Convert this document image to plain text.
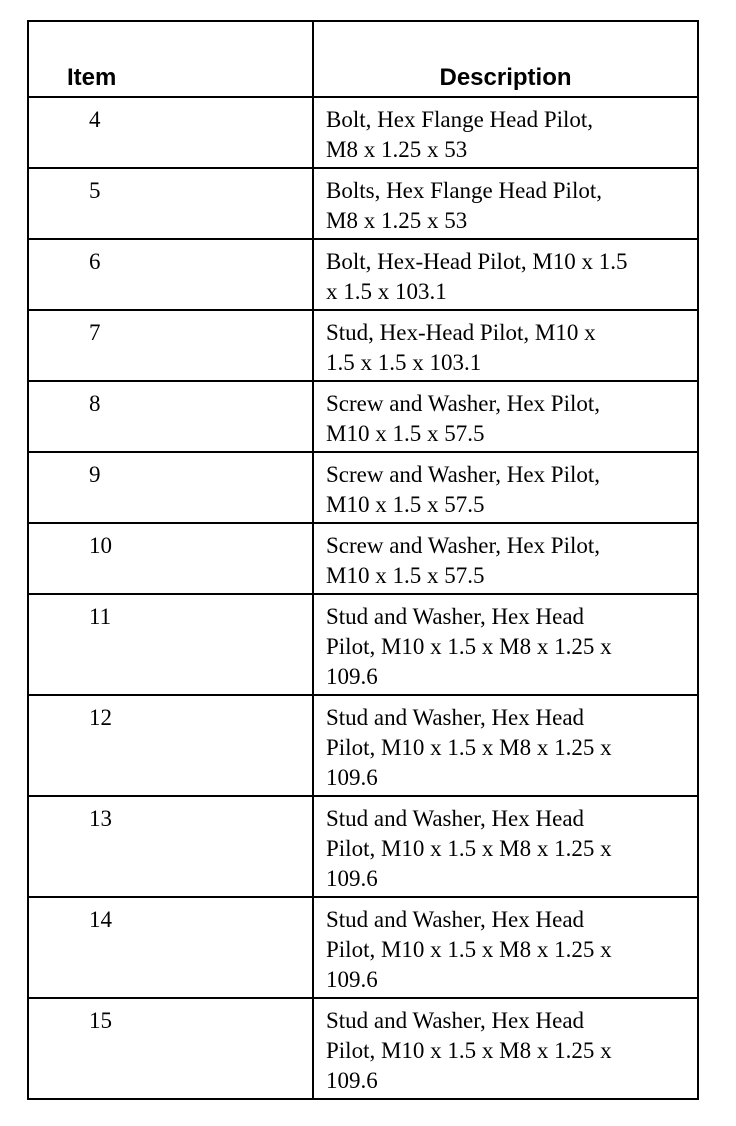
Item	Description
4	Bolt, Hex Flange Head Pilot,
M8 x 1.25 x 53

5	Bolts, Hex Flange Head Pilot,
M8 x 1.25 x 53

6	Bolt, Hex-Head Pilot, M10 x 1.5
x 1.5 x 103.1

7	Stud, Hex-Head Pilot, M10 x
1.5 x 1.5 x 103.1

8	Screw and Washer, Hex Pilot,
M10 x 1.5 x 57.5

9	Screw and Washer, Hex Pilot,
M10 x 1.5 x 57.5

10	Screw and Washer, Hex Pilot,
M10 x 1.5 x 57.5

11	Stud and Washer, Hex Head
Pilot, M10 x 1.5 x M8 x 1.25 x
109.6

12	Stud and Washer, Hex Head
Pilot, M10 x 1.5 x M8 x 1.25 x
109.6

13	Stud and Washer, Hex Head
Pilot, M10 x 1.5 x M8 x 1.25 x
109.6

14	Stud and Washer, Hex Head
Pilot, M10 x 1.5 x M8 x 1.25 x
109.6

15	Stud and Washer, Hex Head
Pilot, M10 x 1.5 x M8 x 1.25 x
109.6
